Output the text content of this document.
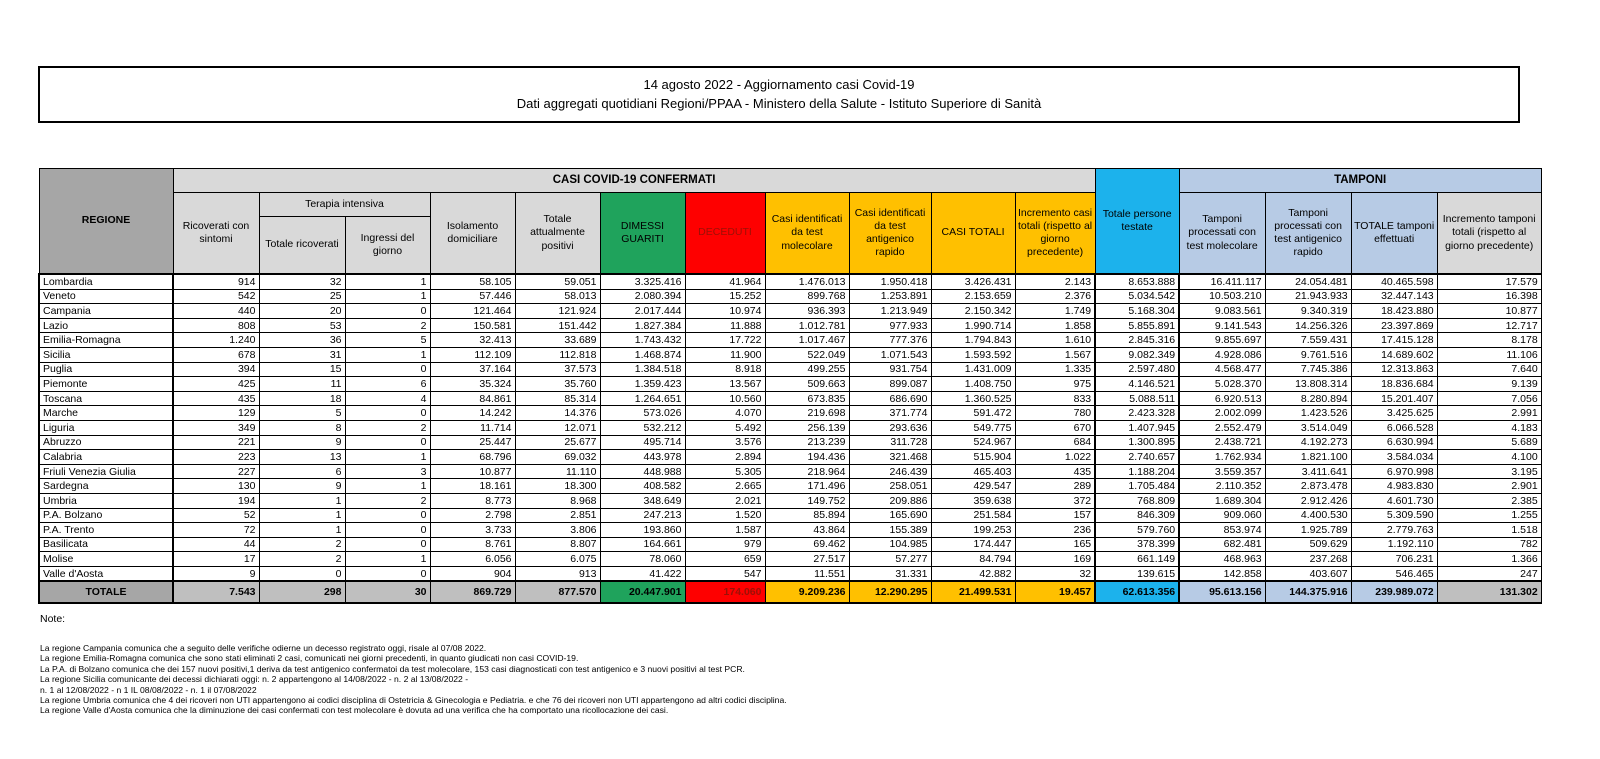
14 agosto 2022 - Aggiornamento casi Covid-19
Dati aggregati quotidiani Regioni/PPAA - Ministero della Salute - Istituto Superiore di Sanità
REGIONE	CASI COVID-19 CONFERMATI											Totale persone testate	TAMPONI			
	Ricoverati con sintomi	Terapia intensiva		Isolamento domiciliare	Totale attualmente positivi	DIMESSI GUARITI	DECEDUTI	Casi identificati da test molecolare	Casi identificati da test antigenico rapido	CASI TOTALI	Incremento casi totali (rispetto al giorno precedente)		Tamponi processati con test molecolare	Tamponi processati con test antigenico rapido	TOTALE tamponi effettuati	Incremento tamponi totali (rispetto al giorno precedente)
		Totale ricoverati	Ingressi del giorno													
Lombardia	914	32	1	58.105	59.051	3.325.416	41.964	1.476.013	1.950.418	3.426.431	2.143	8.653.888	16.411.117	24.054.481	40.465.598	17.579
Veneto	542	25	1	57.446	58.013	2.080.394	15.252	899.768	1.253.891	2.153.659	2.376	5.034.542	10.503.210	21.943.933	32.447.143	16.398
Campania	440	20	0	121.464	121.924	2.017.444	10.974	936.393	1.213.949	2.150.342	1.749	5.168.304	9.083.561	9.340.319	18.423.880	10.877
Lazio	808	53	2	150.581	151.442	1.827.384	11.888	1.012.781	977.933	1.990.714	1.858	5.855.891	9.141.543	14.256.326	23.397.869	12.717
Emilia-Romagna	1.240	36	5	32.413	33.689	1.743.432	17.722	1.017.467	777.376	1.794.843	1.610	2.845.316	9.855.697	7.559.431	17.415.128	8.178
Sicilia	678	31	1	112.109	112.818	1.468.874	11.900	522.049	1.071.543	1.593.592	1.567	9.082.349	4.928.086	9.761.516	14.689.602	11.106
Puglia	394	15	0	37.164	37.573	1.384.518	8.918	499.255	931.754	1.431.009	1.335	2.597.480	4.568.477	7.745.386	12.313.863	7.640
Piemonte	425	11	6	35.324	35.760	1.359.423	13.567	509.663	899.087	1.408.750	975	4.146.521	5.028.370	13.808.314	18.836.684	9.139
Toscana	435	18	4	84.861	85.314	1.264.651	10.560	673.835	686.690	1.360.525	833	5.088.511	6.920.513	8.280.894	15.201.407	7.056
Marche	129	5	0	14.242	14.376	573.026	4.070	219.698	371.774	591.472	780	2.423.328	2.002.099	1.423.526	3.425.625	2.991
Liguria	349	8	2	11.714	12.071	532.212	5.492	256.139	293.636	549.775	670	1.407.945	2.552.479	3.514.049	6.066.528	4.183
Abruzzo	221	9	0	25.447	25.677	495.714	3.576	213.239	311.728	524.967	684	1.300.895	2.438.721	4.192.273	6.630.994	5.689
Calabria	223	13	1	68.796	69.032	443.978	2.894	194.436	321.468	515.904	1.022	2.740.657	1.762.934	1.821.100	3.584.034	4.100
Friuli Venezia Giulia	227	6	3	10.877	11.110	448.988	5.305	218.964	246.439	465.403	435	1.188.204	3.559.357	3.411.641	6.970.998	3.195
Sardegna	130	9	1	18.161	18.300	408.582	2.665	171.496	258.051	429.547	289	1.705.484	2.110.352	2.873.478	4.983.830	2.901
Umbria	194	1	2	8.773	8.968	348.649	2.021	149.752	209.886	359.638	372	768.809	1.689.304	2.912.426	4.601.730	2.385
P.A. Bolzano	52	1	0	2.798	2.851	247.213	1.520	85.894	165.690	251.584	157	846.309	909.060	4.400.530	5.309.590	1.255
P.A. Trento	72	1	0	3.733	3.806	193.860	1.587	43.864	155.389	199.253	236	579.760	853.974	1.925.789	2.779.763	1.518
Basilicata	44	2	0	8.761	8.807	164.661	979	69.462	104.985	174.447	165	378.399	682.481	509.629	1.192.110	782
Molise	17	2	1	6.056	6.075	78.060	659	27.517	57.277	84.794	169	661.149	468.963	237.268	706.231	1.366
Valle d'Aosta	9	0	0	904	913	41.422	547	11.551	31.331	42.882	32	139.615	142.858	403.607	546.465	247
TOTALE	7.543	298	30	869.729	877.570	20.447.901	174.060	9.209.236	12.290.295	21.499.531	19.457	62.613.356	95.613.156	144.375.916	239.989.072	131.302
Note:
La regione Campania comunica che a seguito delle verifiche odierne un decesso registrato oggi, risale al 07/08 2022.
La regione Emilia-Romagna comunica che sono stati eliminati 2 casi, comunicati nei giorni precedenti, in quanto giudicati non casi COVID-19.
La P.A. di Bolzano comunica che dei 157 nuovi positivi,1 deriva da test antigenico confermatoi da test molecolare, 153 casi diagnosticati con test antigenico e 3 nuovi positivi al test PCR.
La regione Sicilia comunicante dei decessi dichiarati oggi: n. 2 appartengono al 14/08/2022 - n. 2 al 13/08/2022 -
n. 1 al 12/08/2022 - n 1 IL 08/08/2022 - n. 1 il 07/08/2022
La regione Umbria comunica che 4 dei ricoveri non UTI appartengono ai codici disciplina di Ostetricia & Ginecologia e Pediatria. e che 76 dei ricoveri non UTI appartengono ad altri codici disciplina.
La regione Valle d'Aosta comunica che la diminuzione dei casi confermati con test molecolare è dovuta ad una verifica che ha comportato una ricollocazione dei casi.
